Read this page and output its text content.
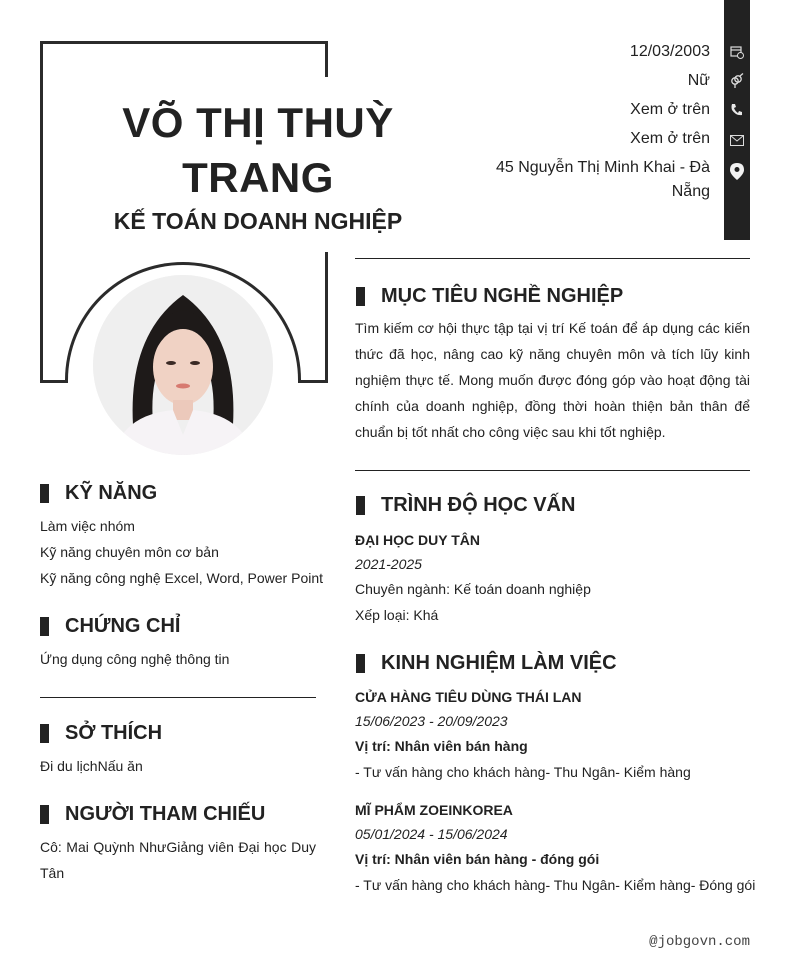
VÕ THỊ THUỲ
TRANG
KẾ TOÁN DOANH NGHIỆP
12/03/2003
Nữ
Xem ở trên
Xem ở trên
45 Nguyễn Thị Minh Khai - Đà
Nẵng
MỤC TIÊU NGHỀ NGHIỆP
Tìm kiếm cơ hội thực tập tại vị trí Kế toán để áp dụng các kiến thức đã học, nâng cao kỹ năng chuyên môn và tích lũy kinh nghiệm thực tế. Mong muốn được đóng góp vào hoạt động tài chính của doanh nghiệp, đồng thời hoàn thiện bản thân để chuẩn bị tốt nhất cho công việc sau khi tốt nghiệp.
TRÌNH ĐỘ HỌC VẤN
ĐẠI HỌC DUY TÂN
2021-2025
Chuyên ngành: Kế toán doanh nghiệp
Xếp loại: Khá
KINH NGHIỆM LÀM VIỆC
CỬA HÀNG TIÊU DÙNG THÁI LAN
15/06/2023 - 20/09/2023
Vị trí: Nhân viên bán hàng
- Tư vấn hàng cho khách hàng- Thu Ngân- Kiểm hàng
MĨ PHẨM ZOEINKOREA
05/01/2024 - 15/06/2024
Vị trí: Nhân viên bán hàng - đóng gói
- Tư vấn hàng cho khách hàng- Thu Ngân- Kiểm hàng- Đóng gói
KỸ NĂNG
Làm việc nhóm
Kỹ năng chuyên môn cơ bản
Kỹ năng công nghệ Excel, Word, Power Point
CHỨNG CHỈ
Ứng dụng công nghệ thông tin
SỞ THÍCH
Đi du lịchNấu ăn
NGƯỜI THAM CHIẾU
Cô: Mai Quỳnh NhưGiảng viên Đại học Duy Tân
@jobgovn.com
